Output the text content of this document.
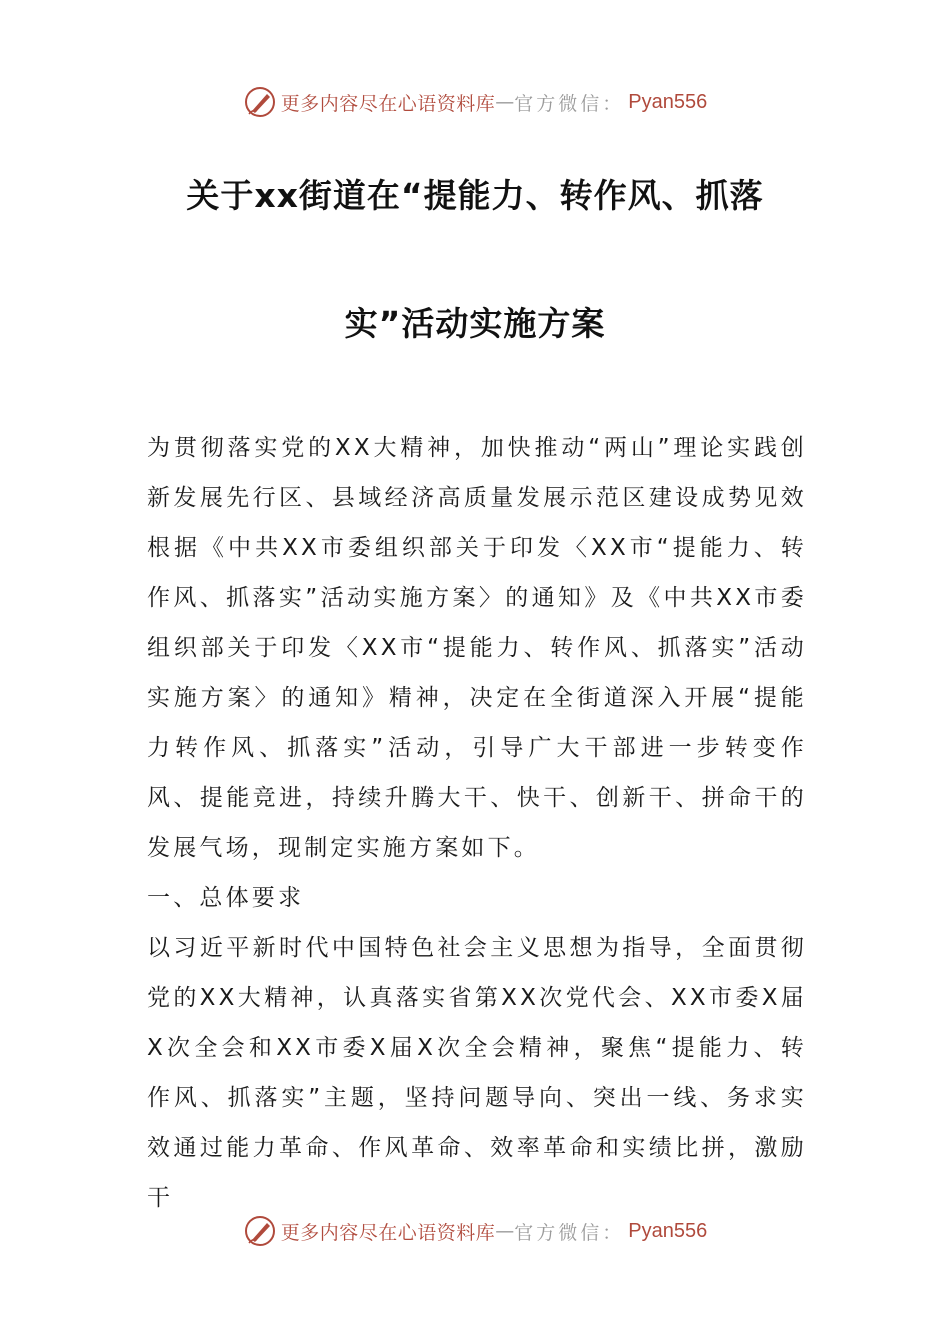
更多内容尽在心语资料库 — 官方微信： Pyan556
关于xx街道在“提能力、转作风、抓落
实”活动实施方案

为贯彻落实党的XX大精神，加快推动“两山”理论实践创新发展先行区、县域经济高质量发展示范区建设成势见效根据《中共XX市委组织部关于印发〈XX市“提能力、转作风、抓落实”活动实施方案〉的通知》及《中共XX市委组织部关于印发〈XX市“提能力、转作风、抓落实”活动实施方案〉的通知》精神，决定在全街道深入开展“提能力转作风、抓落实”活动，引导广大干部进一步转变作风、提能竞进，持续升腾大干、快干、创新干、拼命干的发展气场，现制定实施方案如下。

一、总体要求

以习近平新时代中国特色社会主义思想为指导，全面贯彻党的XX大精神，认真落实省第XX次党代会、XX市委X届X次全会和XX市委X届X次全会精神，聚焦“提能力、转作风、抓落实”主题，坚持问题导向、突出一线、务求实效通过能力革命、作风革命、效率革命和实绩比拼，激励干

更多内容尽在心语资料库 — 官方微信： Pyan556
